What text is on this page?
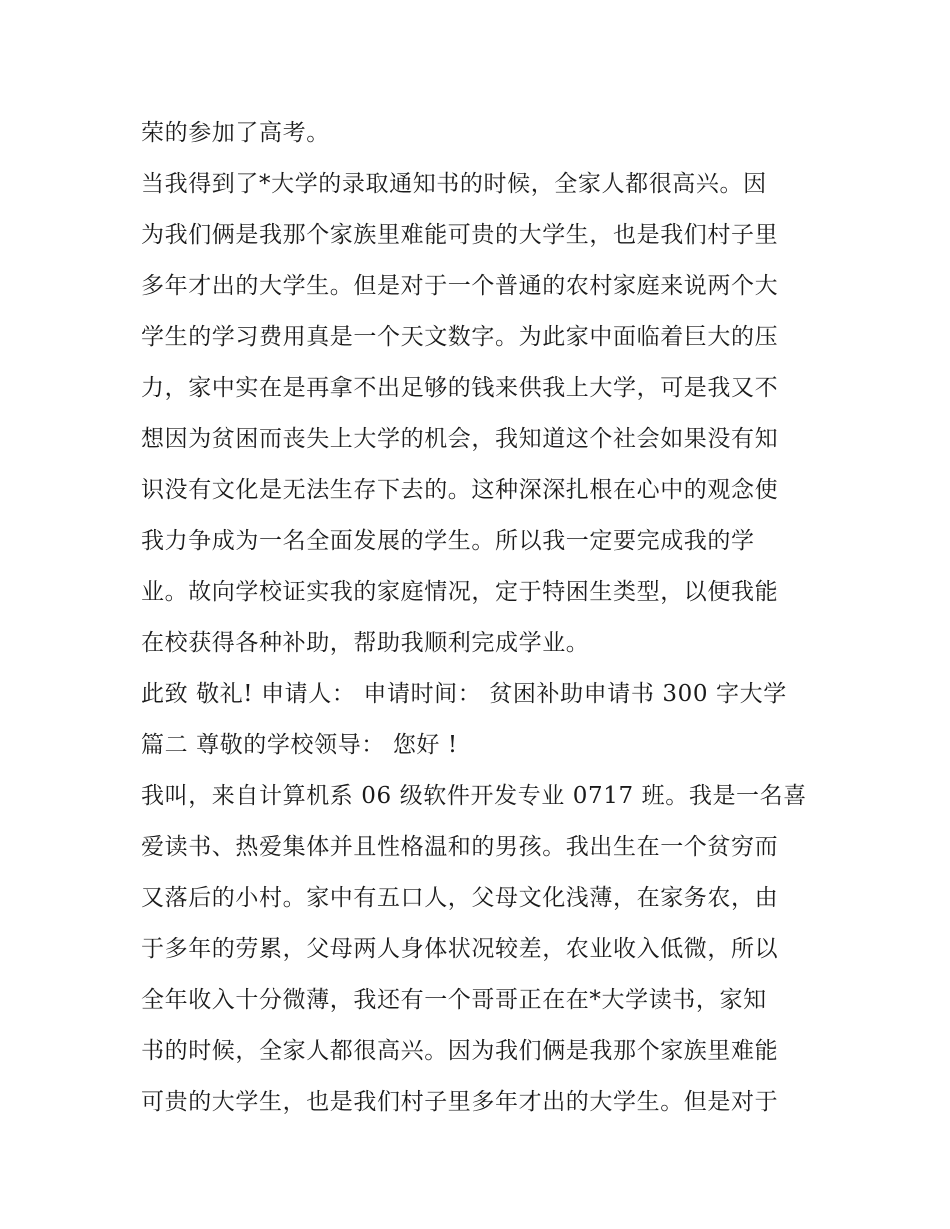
荣的参加了高考。
当我得到了*大学的录取通知书的时候，全家人都很高兴。因
为我们俩是我那个家族里难能可贵的大学生，也是我们村子里
多年才出的大学生。但是对于一个普通的农村家庭来说两个大
学生的学习费用真是一个天文数字。为此家中面临着巨大的压
力，家中实在是再拿不出足够的钱来供我上大学，可是我又不
想因为贫困而丧失上大学的机会，我知道这个社会如果没有知
识没有文化是无法生存下去的。这种深深扎根在心中的观念使
我力争成为一名全面发展的学生。所以我一定要完成我的学
业。故向学校证实我的家庭情况，定于特困生类型，以便我能
在校获得各种补助，帮助我顺利完成学业。
此致 敬礼! 申请人： 申请时间： 贫困补助申请书 300 字大学
篇二 尊敬的学校领导： 您好 !
我叫，来自计算机系 06 级软件开发专业 0717 班。我是一名喜
爱读书、热爱集体并且性格温和的男孩。我出生在一个贫穷而
又落后的小村。家中有五口人，父母文化浅薄，在家务农，由
于多年的劳累，父母两人身体状况较差，农业收入低微，所以
全年收入十分微薄，我还有一个哥哥正在在*大学读书，家知
书的时候，全家人都很高兴。因为我们俩是我那个家族里难能
可贵的大学生，也是我们村子里多年才出的大学生。但是对于
